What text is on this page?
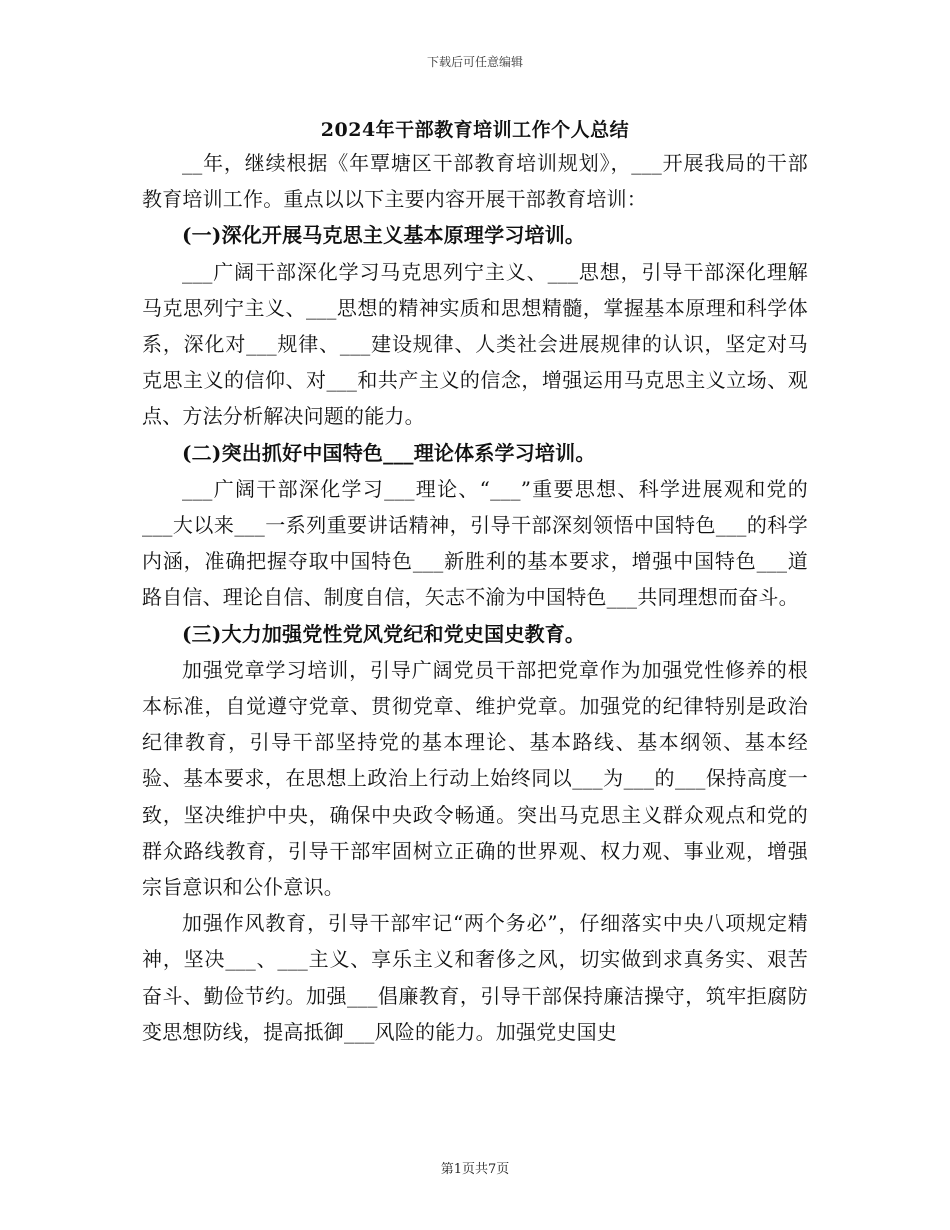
下载后可任意编辑
2024年干部教育培训工作个人总结

__年，继续根据《年覃塘区干部教育培训规划》，___开展我局的干部教育培训工作。重点以以下主要内容开展干部教育培训：

(一)深化开展马克思主义基本原理学习培训。

___广阔干部深化学习马克思列宁主义、___思想，引导干部深化理解马克思列宁主义、___思想的精神实质和思想精髓，掌握基本原理和科学体系，深化对___规律、___建设规律、人类社会进展规律的认识，坚定对马克思主义的信仰、对___和共产主义的信念，增强运用马克思主义立场、观点、方法分析解决问题的能力。

(二)突出抓好中国特色___理论体系学习培训。

___广阔干部深化学习___理论、“___”重要思想、科学进展观和党的___大以来___一系列重要讲话精神，引导干部深刻领悟中国特色___的科学内涵，准确把握夺取中国特色___新胜利的基本要求，增强中国特色___道路自信、理论自信、制度自信，矢志不渝为中国特色___共同理想而奋斗。

(三)大力加强党性党风党纪和党史国史教育。

加强党章学习培训，引导广阔党员干部把党章作为加强党性修养的根本标准，自觉遵守党章、贯彻党章、维护党章。加强党的纪律特别是政治纪律教育，引导干部坚持党的基本理论、基本路线、基本纲领、基本经验、基本要求，在思想上政治上行动上始终同以___为___的___保持高度一致，坚决维护中央，确保中央政令畅通。突出马克思主义群众观点和党的群众路线教育，引导干部牢固树立正确的世界观、权力观、事业观，增强宗旨意识和公仆意识。

加强作风教育，引导干部牢记“两个务必”，仔细落实中央八项规定精神，坚决___、___主义、享乐主义和奢侈之风，切实做到求真务实、艰苦奋斗、勤俭节约。加强___倡廉教育，引导干部保持廉洁操守，筑牢拒腐防变思想防线，提高抵御___风险的能力。加强党史国史

第1页共7页
